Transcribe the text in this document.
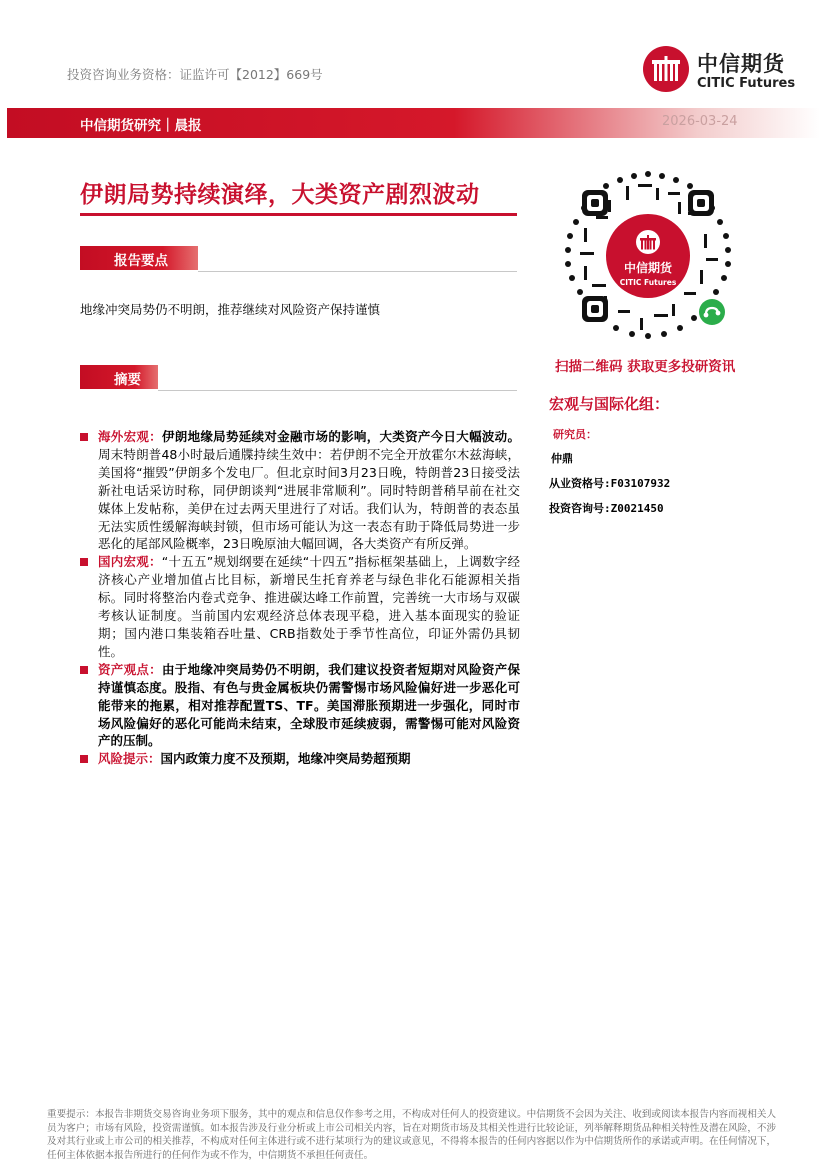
投资咨询业务资格：证监许可【2012】669号	中信期货
CITIC Futures
中信期货研究｜晨报	2026-03-24
伊朗局势持续演绎，大类资产剧烈波动
报告要点
地缘冲突局势仍不明朗，推荐继续对风险资产保持谨慎
摘要

海外宏观：伊朗地缘局势延续对金融市场的影响，大类资产今日大幅波动。周末特朗普48小时最后通牒持续生效中：若伊朗不完全开放霍尔木兹海峡，美国将“摧毁”伊朗多个发电厂。但北京时间3月23日晚，特朗普23日接受法新社电话采访时称，同伊朗谈判“进展非常顺利”。同时特朗普稍早前在社交媒体上发帖称，美伊在过去两天里进行了对话。我们认为，特朗普的表态虽无法实质性缓解海峡封锁，但市场可能认为这一表态有助于降低局势进一步恶化的尾部风险概率，23日晚原油大幅回调，各大类资产有所反弹。

国内宏观：“十五五”规划纲要在延续“十四五”指标框架基础上，上调数字经济核心产业增加值占比目标，新增民生托育养老与绿色非化石能源相关指标。同时将整治内卷式竞争、推进碳达峰工作前置，完善统一大市场与双碳考核认证制度。当前国内宏观经济总体表现平稳，进入基本面现实的验证期；国内港口集装箱吞吐量、CRB指数处于季节性高位，印证外需仍具韧性。

资产观点：由于地缘冲突局势仍不明朗，我们建议投资者短期对风险资产保持谨慎态度。股指、有色与贵金属板块仍需警惕市场风险偏好进一步恶化可能带来的拖累，相对推荐配置TS、TF。美国滞胀预期进一步强化，同时市场风险偏好的恶化可能尚未结束，全球股市延续疲弱，需警惕可能对风险资产的压制。

风险提示：国内政策力度不及预期，地缘冲突局势超预期

中信期货
CITIC Futures
扫描二维码 获取更多投研资讯
宏观与国际化组：
研究员：
仲鼎
从业资格号:F03107932
投资咨询号:Z0021450
重要提示：本报告非期货交易咨询业务项下服务，其中的观点和信息仅作参考之用，不构成对任何人的投资建议。中信期货不会因为关注、收到或阅读本报告内容而视相关人员为客户；市场有风险，投资需谨慎。如本报告涉及行业分析或上市公司相关内容，旨在对期货市场及其相关性进行比较论证，列举解释期货品种相关特性及潜在风险，不涉及对其行业或上市公司的相关推荐，不构成对任何主体进行或不进行某项行为的建议或意见，不得将本报告的任何内容据以作为中信期货所作的承诺或声明。在任何情况下，任何主体依据本报告所进行的任何作为或不作为，中信期货不承担任何责任。
